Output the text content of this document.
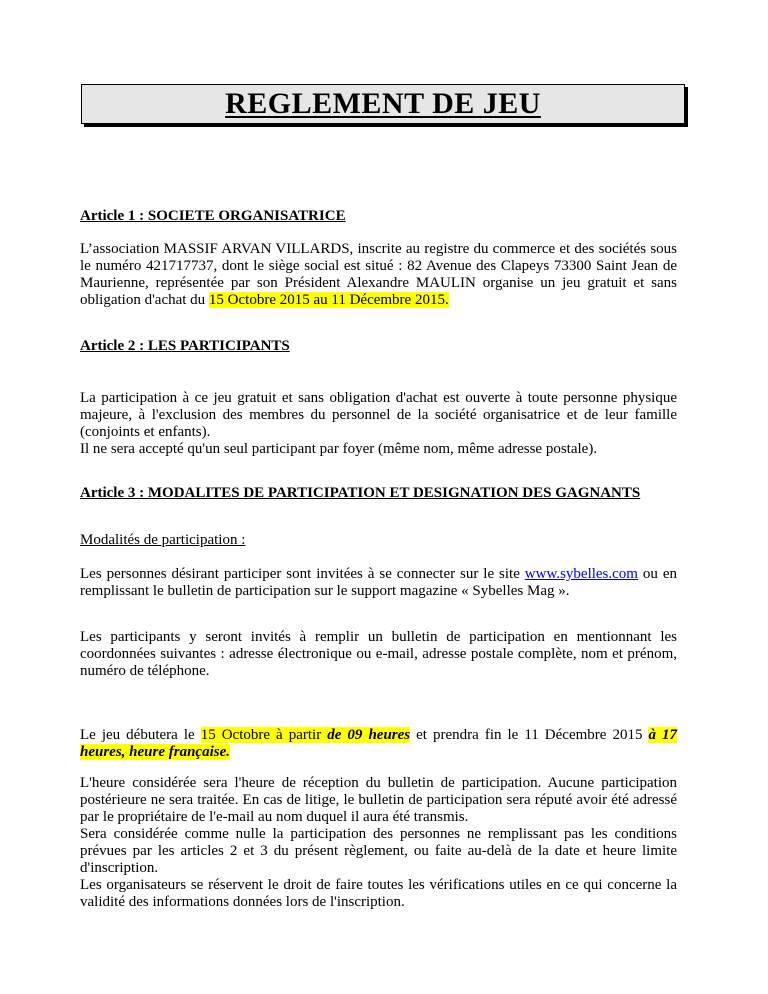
REGLEMENT DE JEU

Article 1 : SOCIETE ORGANISATRICE

L’association MASSIF ARVAN VILLARDS, inscrite au registre du commerce et des sociétés sous le numéro 421717737, dont le siège social est situé : 82 Avenue des Clapeys 73300 Saint Jean de Maurienne, représentée par son Président Alexandre MAULIN organise un jeu gratuit et sans obligation d'achat du 15 Octobre 2015 au 11 Décembre 2015.

Article 2 : LES PARTICIPANTS

La participation à ce jeu gratuit et sans obligation d'achat est ouverte à toute personne physique majeure, à l'exclusion des membres du personnel de la société organisatrice et de leur famille (conjoints et enfants).

Il ne sera accepté qu'un seul participant par foyer (même nom, même adresse postale).

Article 3 : MODALITES DE PARTICIPATION ET DESIGNATION DES GAGNANTS

Modalités de participation :

Les personnes désirant participer sont invitées à se connecter sur le site www.sybelles.com ou en remplissant le bulletin de participation sur le support magazine « Sybelles Mag ».

Les participants y seront invités à remplir un bulletin de participation en mentionnant les coordonnées suivantes : adresse électronique ou e-mail, adresse postale complète, nom et prénom, numéro de téléphone.

Le jeu débutera le 15 Octobre à partir de 09 heures et prendra fin le 11 Décembre 2015 à 17 heures, heure française.

L'heure considérée sera l'heure de réception du bulletin de participation. Aucune participation postérieure ne sera traitée. En cas de litige, le bulletin de participation sera réputé avoir été adressé par le propriétaire de l'e-mail au nom duquel il aura été transmis.

Sera considérée comme nulle la participation des personnes ne remplissant pas les conditions prévues par les articles 2 et 3 du présent règlement, ou faite au-delà de la date et heure limite d'inscription.

Les organisateurs se réservent le droit de faire toutes les vérifications utiles en ce qui concerne la validité des informations données lors de l'inscription.
